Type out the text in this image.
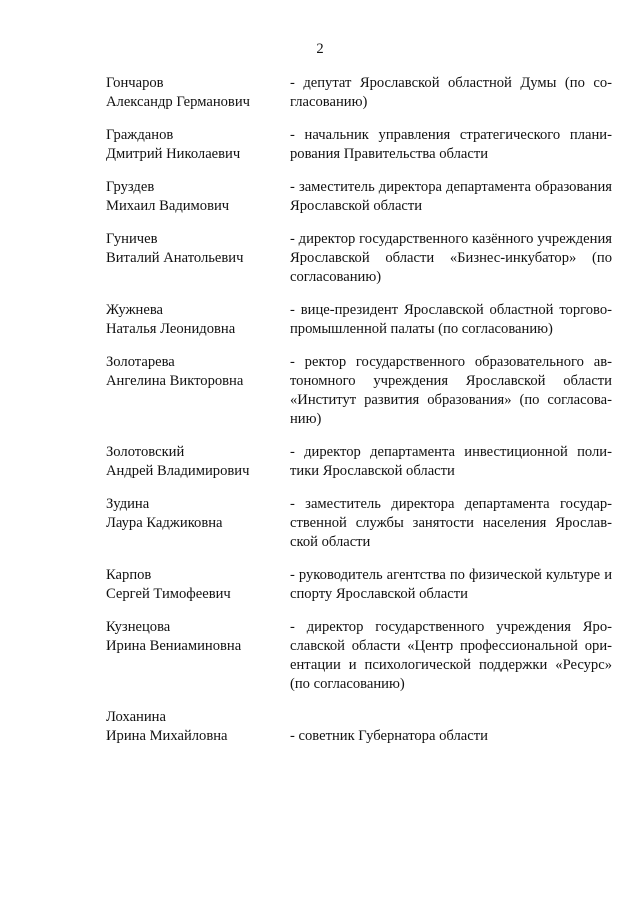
2
Гончаров
Александр Германович
- депутат Ярославской областной Думы (по согласованию)
Гражданов
Дмитрий Николаевич
- начальник управления стратегического планирования Правительства области
Груздев
Михаил Вадимович
- заместитель директора департамента образования Ярославской области
Гуничев
Виталий Анатольевич
- директор государственного казённого учреждения Ярославской области «Бизнес-инкубатор» (по согласованию)
Жужнева
Наталья Леонидовна
- вице-президент Ярославской областной торгово-промышленной палаты (по согласованию)
Золотарева
Ангелина Викторовна
- ректор государственного образовательного автономного учреждения Ярославской области «Институт развития образования» (по согласованию)
Золотовский
Андрей Владимирович
- директор департамента инвестиционной политики Ярославской области
Зудина
Лаура Каджиковна
- заместитель директора департамента государственной службы занятости населения Ярославской области
Карпов
Сергей Тимофеевич
- руководитель агентства по физической культуре и спорту Ярославской области
Кузнецова
Ирина Вениаминовна
- директор государственного учреждения Ярославской области «Центр профессиональной ориентации и психологической поддержки «Ресурс» (по согласованию)
Лоханина
Ирина Михайловна	- советник Губернатора области
